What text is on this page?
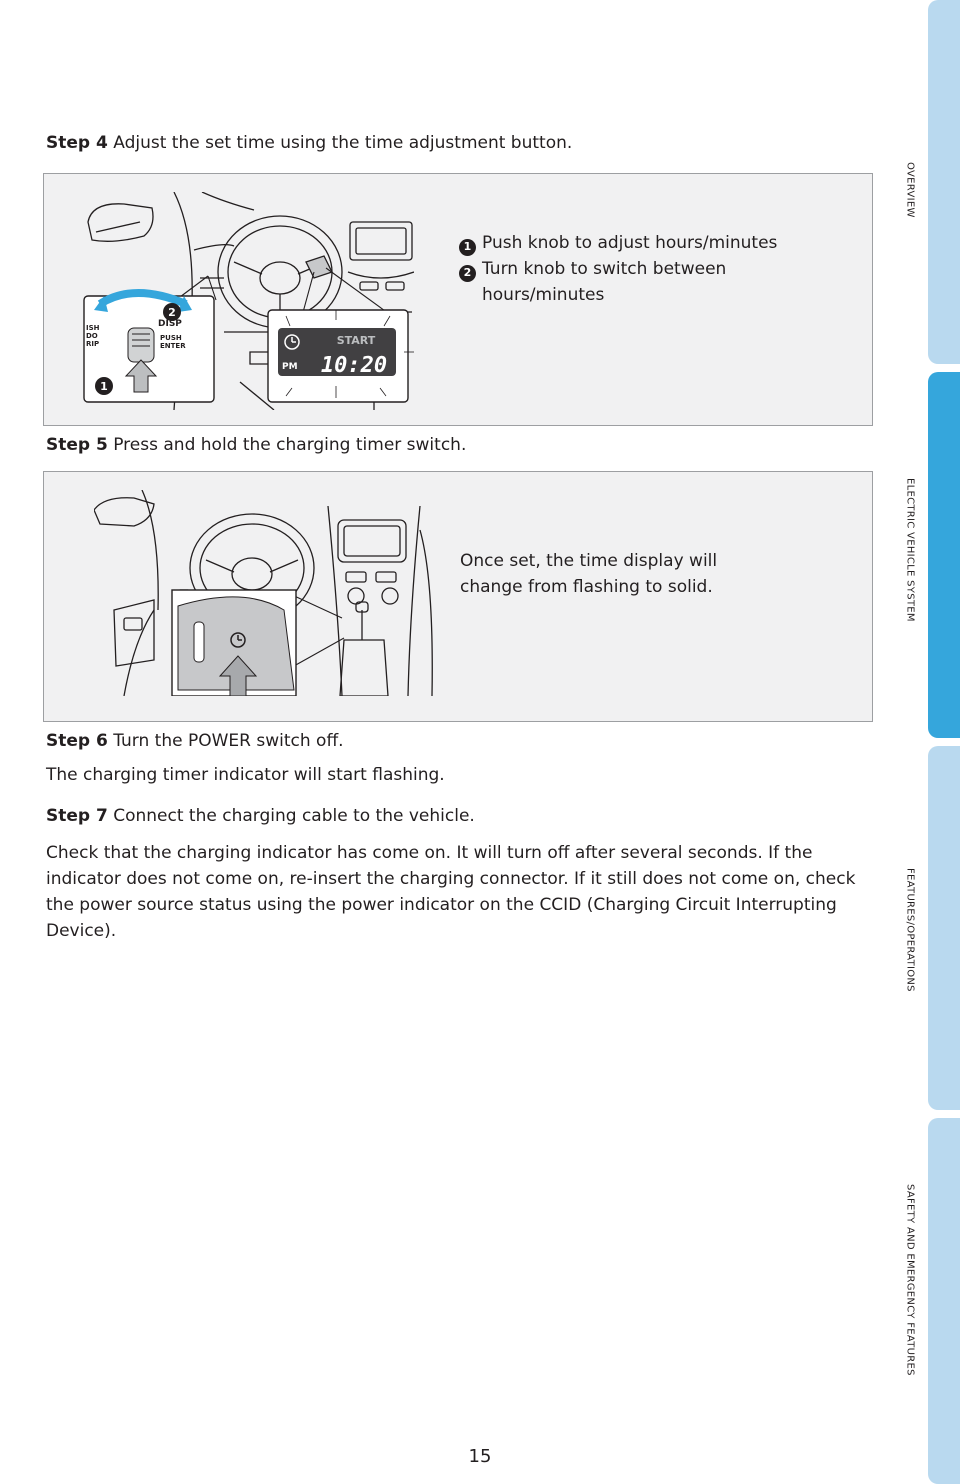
OVERVIEW
ELECTRIC VEHICLE SYSTEM
FEATURES/OPERATIONS
SAFETY AND EMERGENCY FEATURES
Step 4 Adjust the set time using the time adjustment button.
2
DISP
PUSH
ENTER
ISH
DO
RIP
1
START
PM 10:20
1 Push knob to adjust hours/minutes
2 Turn knob to switch between
hours/minutes
Step 5 Press and hold the charging timer switch.
Once set, the time display will
change from flashing to solid.
Step 6 Turn the POWER switch off.
The charging timer indicator will start flashing.
Step 7 Connect the charging cable to the vehicle.
Check that the charging indicator has come on. It will turn off after several seconds. If the indicator does not come on, re-insert the charging connector. If it still does not come on, check the power source status using the power indicator on the CCID (Charging Circuit Interrupting Device).
15
